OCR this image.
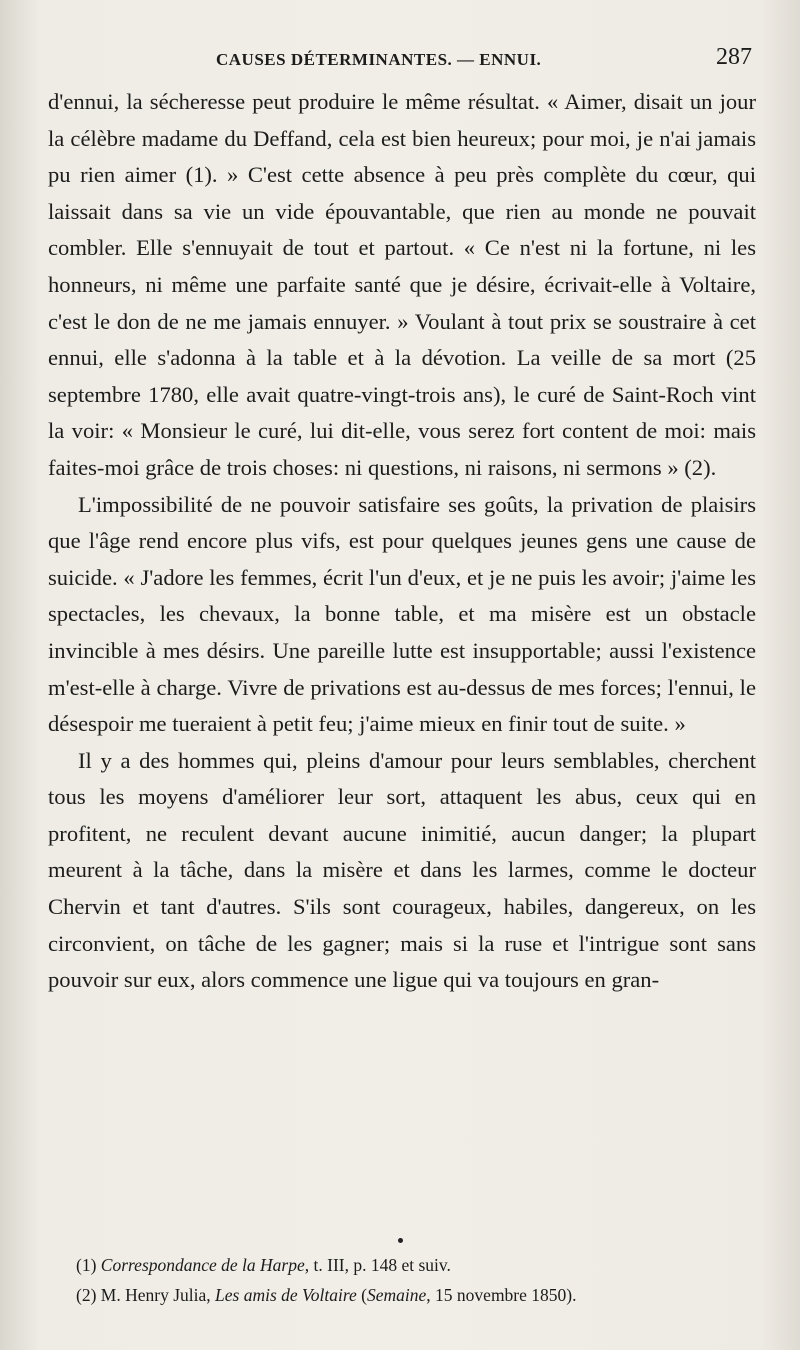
CAUSES DÉTERMINANTES. — ENNUI.	287

d'ennui, la sécheresse peut produire le même résultat. « Aimer, disait un jour la célèbre madame du Deffand, cela est bien heureux; pour moi, je n'ai jamais pu rien aimer (1). » C'est cette absence à peu près complète du cœur, qui laissait dans sa vie un vide épouvantable, que rien au monde ne pouvait combler. Elle s'ennuyait de tout et partout. « Ce n'est ni la fortune, ni les honneurs, ni même une parfaite santé que je désire, écrivait-elle à Voltaire, c'est le don de ne me jamais ennuyer. » Voulant à tout prix se soustraire à cet ennui, elle s'adonna à la table et à la dévotion. La veille de sa mort (25 septembre 1780, elle avait quatre-vingt-trois ans), le curé de Saint-Roch vint la voir: « Monsieur le curé, lui dit-elle, vous serez fort content de moi: mais faites-moi grâce de trois choses: ni questions, ni raisons, ni sermons » (2).

L'impossibilité de ne pouvoir satisfaire ses goûts, la privation de plaisirs que l'âge rend encore plus vifs, est pour quelques jeunes gens une cause de suicide. « J'adore les femmes, écrit l'un d'eux, et je ne puis les avoir; j'aime les spectacles, les chevaux, la bonne table, et ma misère est un obstacle invincible à mes désirs. Une pareille lutte est insupportable; aussi l'existence m'est-elle à charge. Vivre de privations est au-dessus de mes forces; l'ennui, le désespoir me tueraient à petit feu; j'aime mieux en finir tout de suite. »

Il y a des hommes qui, pleins d'amour pour leurs semblables, cherchent tous les moyens d'améliorer leur sort, attaquent les abus, ceux qui en profitent, ne reculent devant aucune inimitié, aucun danger; la plupart meurent à la tâche, dans la misère et dans les larmes, comme le docteur Chervin et tant d'autres. S'ils sont courageux, habiles, dangereux, on les circonvient, on tâche de les gagner; mais si la ruse et l'intrigue sont sans pouvoir sur eux, alors commence une ligue qui va toujours en gran-

(1) Correspondance de la Harpe, t. III, p. 148 et suiv.

(2) M. Henry Julia, Les amis de Voltaire (Semaine, 15 novembre 1850).
